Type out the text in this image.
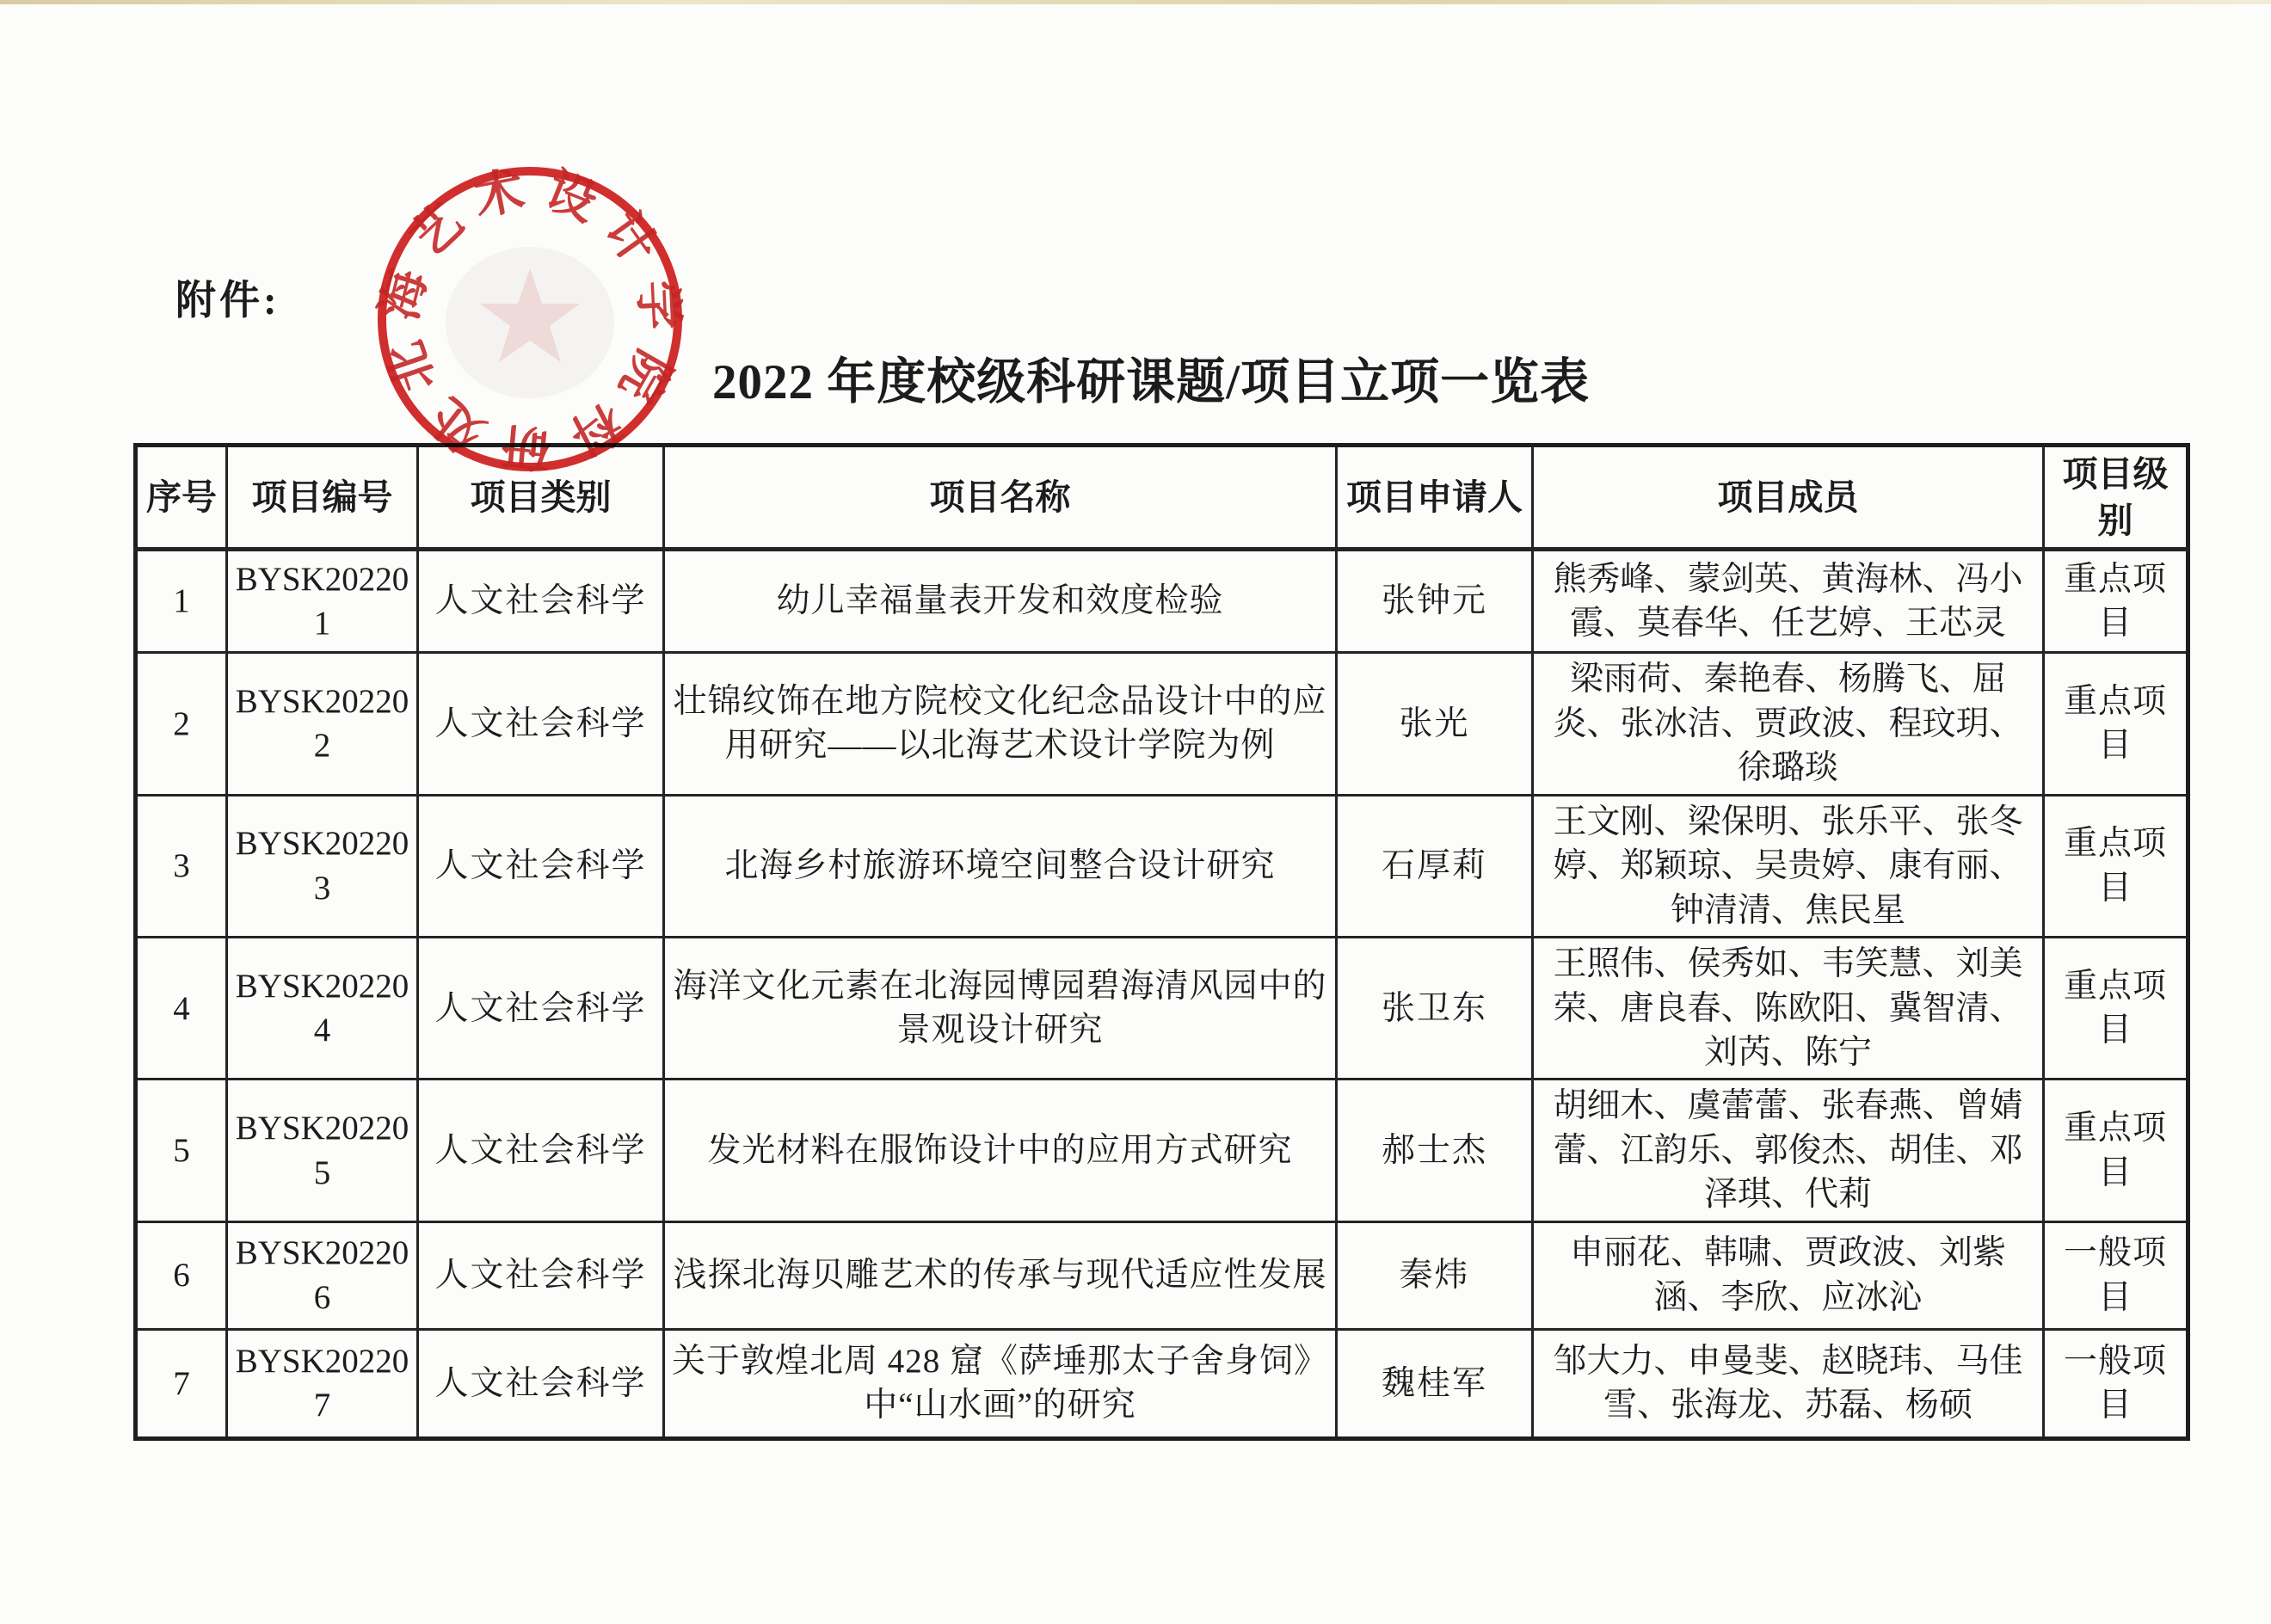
附件:
2022 年度校级科研课题/项目立项一览表
序号	项目编号	项目类别	项目名称	项目申请人	项目成员	项目级别
1	BYSK202201	人文社会科学	幼儿幸福量表开发和效度检验	张钟元	熊秀峰、蒙剑英、黄海林、冯小霞、莫春华、任艺婷、王芯灵	重点项目
2	BYSK202202	人文社会科学	壮锦纹饰在地方院校文化纪念品设计中的应用研究——以北海艺术设计学院为例	张光	梁雨荷、秦艳春、杨腾飞、屈炎、张冰洁、贾政波、程玟玥、徐璐琰	重点项目
3	BYSK202203	人文社会科学	北海乡村旅游环境空间整合设计研究	石厚莉	王文刚、梁保明、张乐平、张冬婷、郑颖琼、吴贵婷、康有丽、钟清清、焦民星	重点项目
4	BYSK202204	人文社会科学	海洋文化元素在北海园博园碧海清风园中的景观设计研究	张卫东	王照伟、侯秀如、韦笑慧、刘美荣、唐良春、陈欧阳、冀智清、刘芮、陈宁	重点项目
5	BYSK202205	人文社会科学	发光材料在服饰设计中的应用方式研究	郝士杰	胡细木、虞蕾蕾、张春燕、曾婧蕾、江韵乐、郭俊杰、胡佳、邓泽琪、代莉	重点项目
6	BYSK202206	人文社会科学	浅探北海贝雕艺术的传承与现代适应性发展	秦炜	申丽花、韩啸、贾政波、刘紫涵、李欣、应冰沁	一般项目
7	BYSK202207	人文社会科学	关于敦煌北周 428 窟《萨埵那太子舍身饲》中“山水画”的研究	魏桂军	邹大力、申曼斐、赵晓玮、马佳雪、张海龙、苏磊、杨硕	一般项目
北海艺术设计学院科研处
